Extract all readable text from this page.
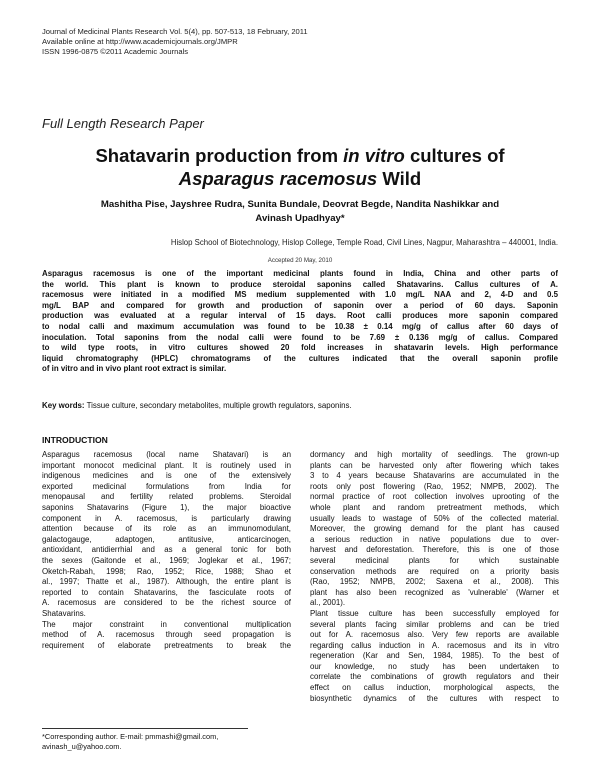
Journal of Medicinal Plants Research Vol. 5(4), pp. 507-513, 18 February, 2011
Available online at http://www.academicjournals.org/JMPR
ISSN 1996-0875 ©2011 Academic Journals
Full Length Research Paper
Shatavarin production from in vitro cultures of
Asparagus racemosus Wild
Mashitha Pise, Jayshree Rudra, Sunita Bundale, Deovrat Begde, Nandita Nashikkar and
Avinash Upadhyay*
Hislop School of Biotechnology, Hislop College, Temple Road, Civil Lines, Nagpur, Maharashtra – 440001, India.
Accepted 20 May, 2010
Asparagus racemosus is one of the important medicinal plants found in India, China and other parts of
the world. This plant is known to produce steroidal saponins called Shatavarins. Callus cultures of A.
racemosus were initiated in a modified MS medium supplemented with 1.0 mg/L NAA and 2, 4-D and 0.5
mg/L BAP and compared for growth and production of saponin over a period of 60 days. Saponin
production was evaluated at a regular interval of 15 days. Root calli produces more saponin compared
to nodal calli and maximum accumulation was found to be 10.38 ± 0.14 mg/g of callus after 60 days of
inoculation. Total saponins from the nodal calli were found to be 7.69 ± 0.136 mg/g of callus. Compared
to wild type roots, in vitro cultures showed 20 fold increases in shatavarin levels. High performance
liquid chromatography (HPLC) chromatograms of the cultures indicated that the overall saponin profile
of in vitro and in vivo plant root extract is similar.
Key words: Tissue culture, secondary metabolites, multiple growth regulators, saponins.
INTRODUCTION
Asparagus racemosus (local name Shatavari) is an
important monocot medicinal plant. It is routinely used in
indigenous medicines and is one of the extensively
exported medicinal formulations from India for
menopausal and fertility related problems. Steroidal
saponins Shatavarins (Figure 1), the major bioactive
component in A. racemosus, is particularly drawing
attention because of its role as an immunomodulant,
galactogauge, adaptogen, antitusive, anticarcinogen,
antioxidant, antidierrhial and as a general tonic for both
the sexes (Gaitonde et al., 1969; Joglekar et al., 1967;
Oketch-Rabah, 1998; Rao, 1952; Rice, 1988; Shao et
al., 1997; Thatte et al., 1987). Although, the entire plant is
reported to contain Shatavarins, the fasciculate roots of
A. racemosus are considered to be the richest source of
Shatavarins.
The major constraint in conventional multiplication
method of A. racemosus through seed propagation is
requirement of elaborate pretreatments to break the
dormancy and high mortality of seedlings. The grown-up
plants can be harvested only after flowering which takes
3 to 4 years because Shatavarins are accumulated in the
roots only post flowering (Rao, 1952; NMPB, 2002). The
normal practice of root collection involves uprooting of the
whole plant and random pretreatment methods, which
usually leads to wastage of 50% of the collected material.
Moreover, the growing demand for the plant has caused
a serious reduction in native populations due to over-
harvest and deforestation. Therefore, this is one of those
several medicinal plants for which sustainable
conservation methods are required on a priority basis
(Rao, 1952; NMPB, 2002; Saxena et al., 2008). This
plant has also been recognized as 'vulnerable' (Warner et
al., 2001).
Plant tissue culture has been successfully employed for
several plants facing similar problems and can be tried
out for A. racemosus also. Very few reports are available
regarding callus induction in A. racemosus and its in vitro
regeneration (Kar and Sen, 1984, 1985). To the best of
our knowledge, no study has been undertaken to
correlate the combinations of growth regulators and their
effect on callus induction, morphological aspects, the
biosynthetic dynamics of the cultures with respect to
*Corresponding author. E-mail: pmmashi@gmail.com,
avinash_u@yahoo.com.
